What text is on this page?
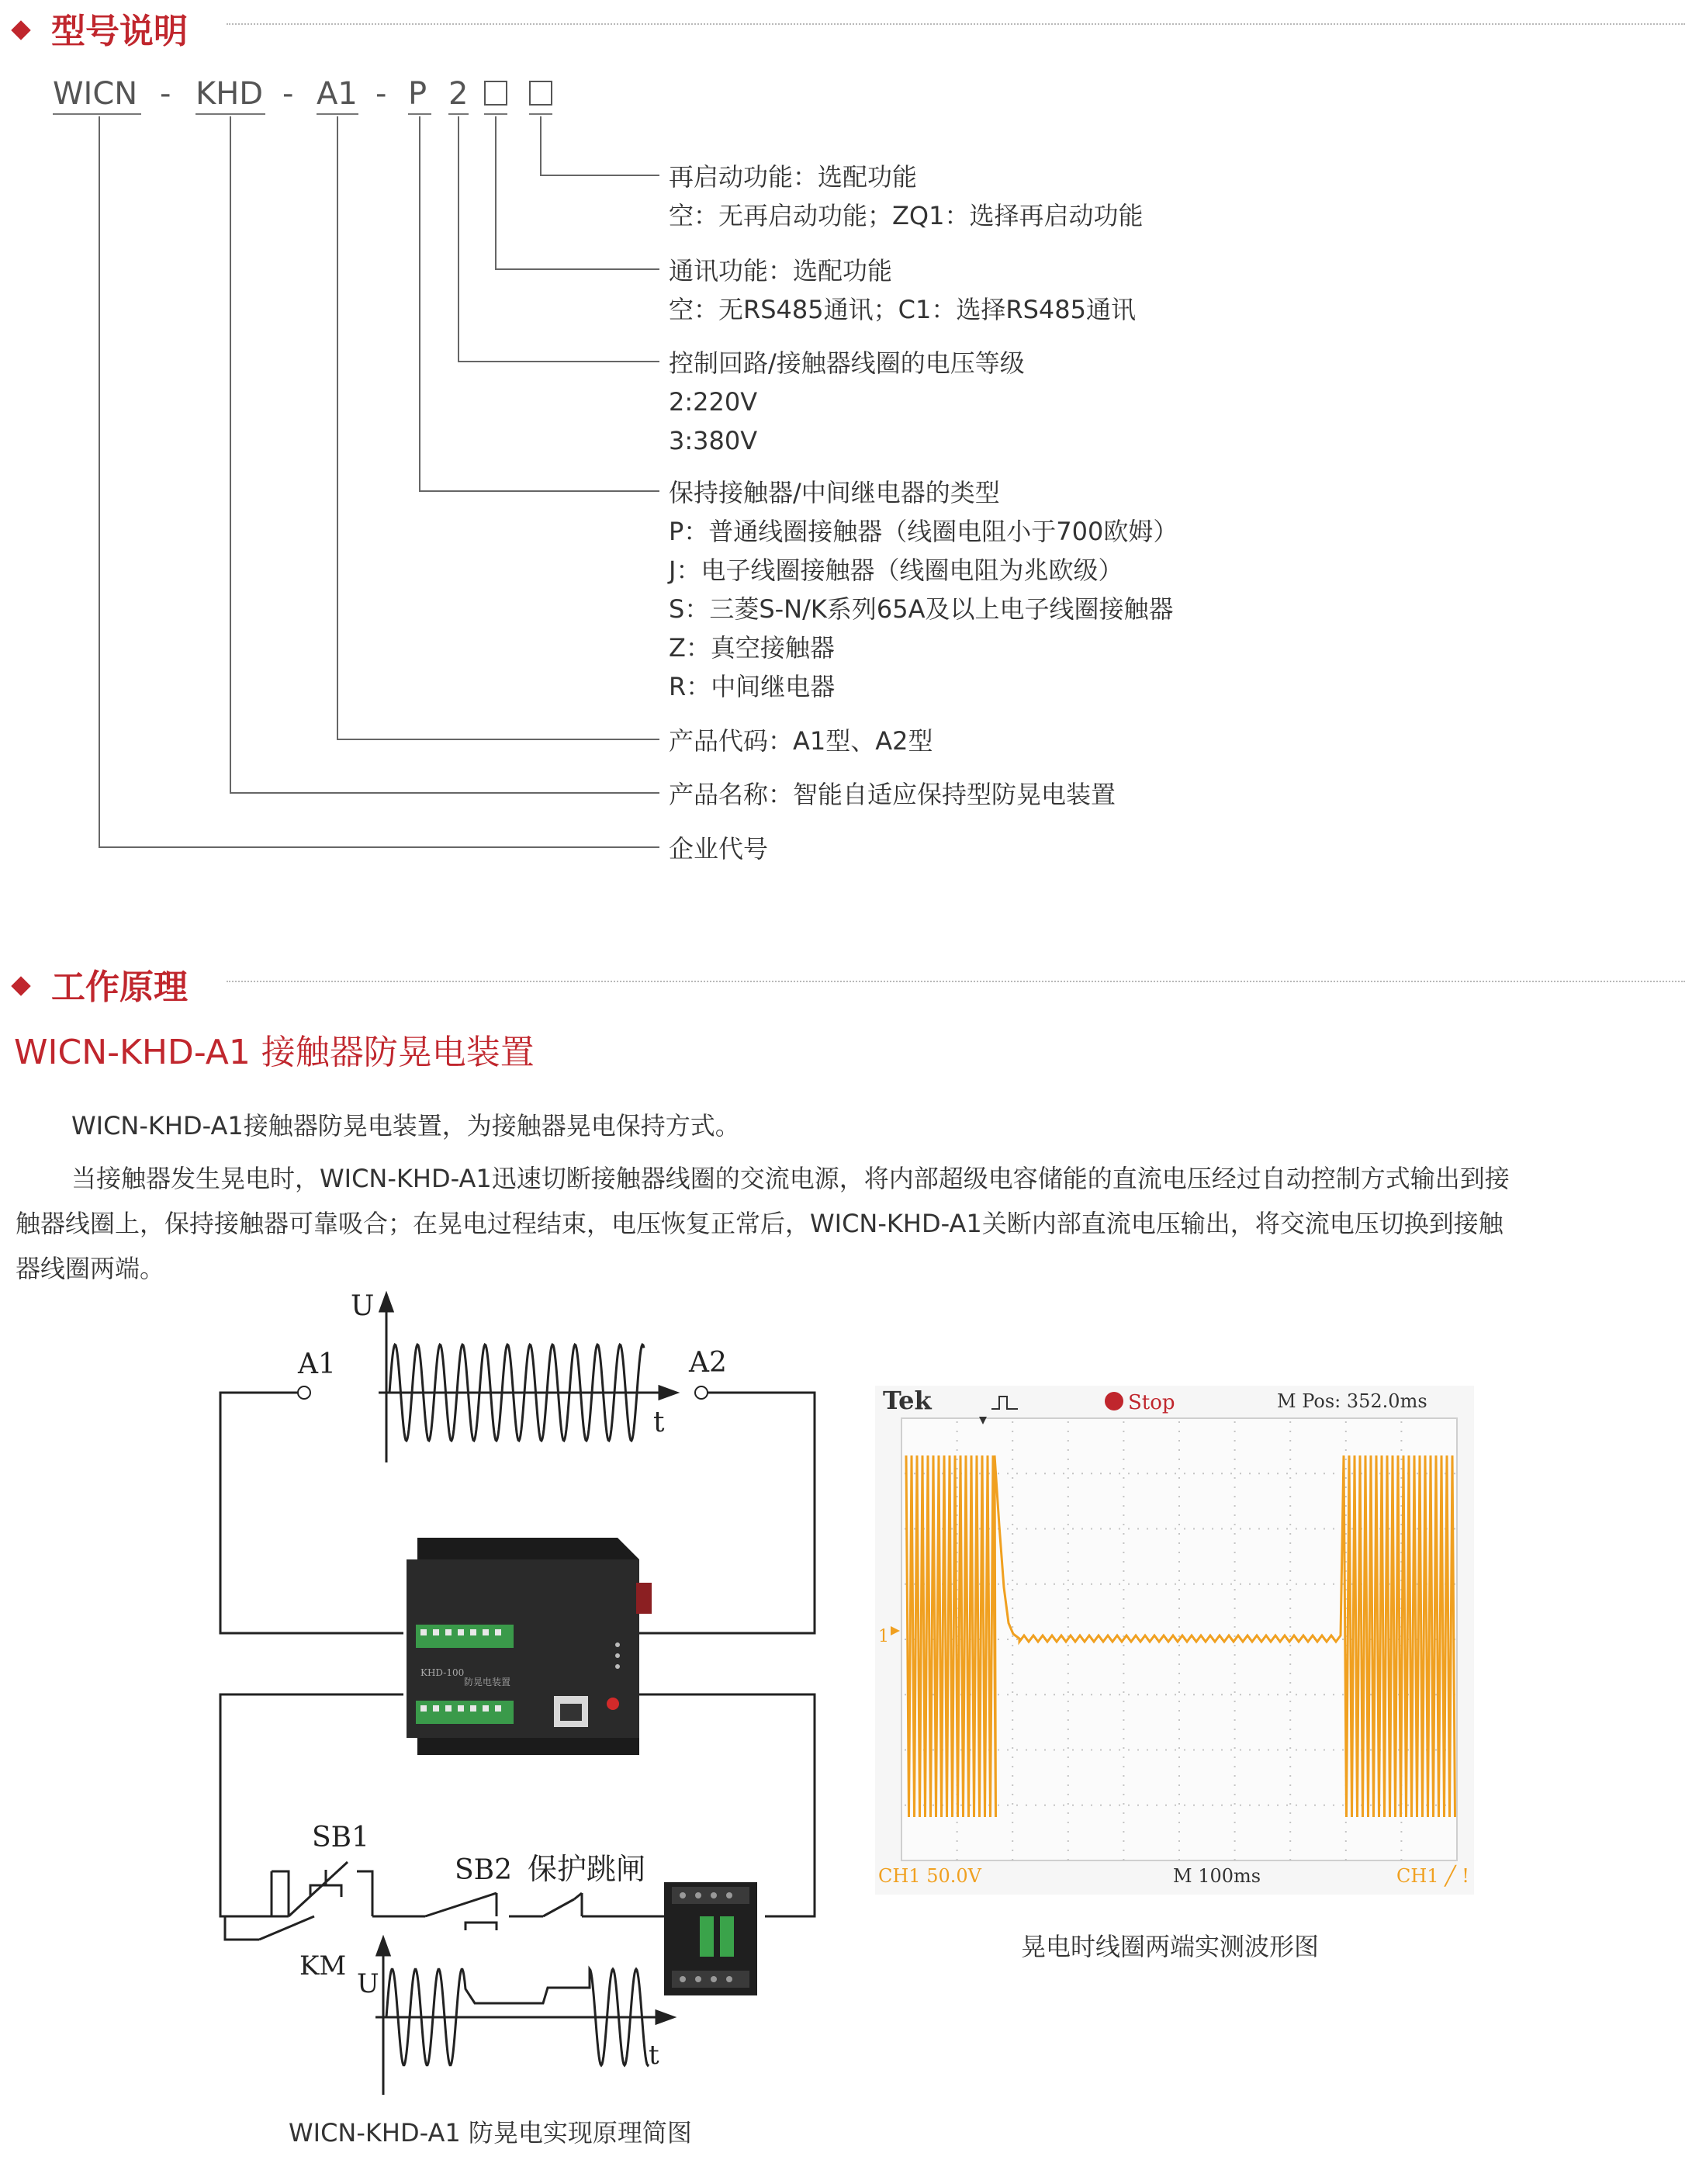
型号说明
WICN - KHD - A1 - P 2
再启动功能：选配功能
空：无再启动功能；ZQ1：选择再启动功能
通讯功能：选配功能
空：无RS485通讯；C1：选择RS485通讯
控制回路/接触器线圈的电压等级
2:220V
3:380V
保持接触器/中间继电器的类型
P：普通线圈接触器（线圈电阻小于700欧姆）
J：电子线圈接触器（线圈电阻为兆欧级）
S：三菱S-N/K系列65A及以上电子线圈接触器
Z：真空接触器
R：中间继电器
产品代码：A1型、A2型
产品名称：智能自适应保持型防晃电装置
企业代号
工作原理
WICN-KHD-A1 接触器防晃电装置
WICN-KHD-A1接触器防晃电装置，为接触器晃电保持方式。
当接触器发生晃电时，WICN-KHD-A1迅速切断接触器线圈的交流电源，将内部超级电容储能的直流电压经过自动控制方式输出到接
触器线圈上，保持接触器可靠吸合；在晃电过程结束，电压恢复正常后，WICN-KHD-A1关断内部直流电压输出，将交流电压切换到接触
器线圈两端。
U
t
A1	A2
SB1
KM
SB2 保护跳闸
U
t
KHD-100
防晃电装置
WICN-KHD-A1 防晃电实现原理简图
Tek	Stop	M Pos: 352.0ms
1
CH1 50.0V	M 100ms	CH1 ╱ !
晃电时线圈两端实测波形图
